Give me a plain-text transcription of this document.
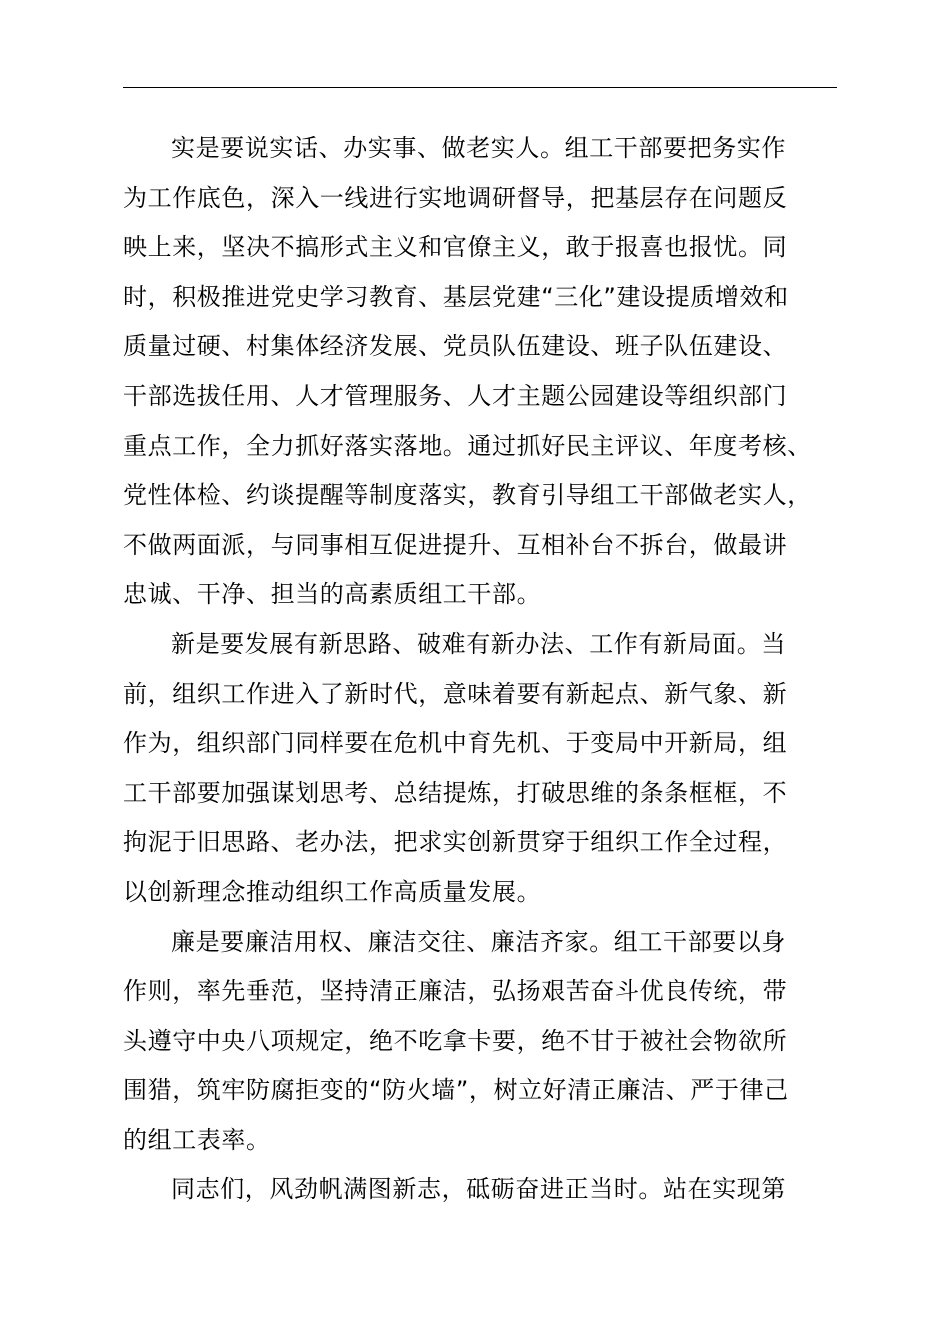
实是要说实话、办实事、做老实人。组工干部要把务实作
为工作底色，深入一线进行实地调研督导，把基层存在问题反
映上来，坚决不搞形式主义和官僚主义，敢于报喜也报忧。同
时，积极推进党史学习教育、基层党建“三化”建设提质增效和
质量过硬、村集体经济发展、党员队伍建设、班子队伍建设、
干部选拔任用、人才管理服务、人才主题公园建设等组织部门
重点工作，全力抓好落实落地。通过抓好民主评议、年度考核、
党性体检、约谈提醒等制度落实，教育引导组工干部做老实人，
不做两面派，与同事相互促进提升、互相补台不拆台，做最讲
忠诚、干净、担当的高素质组工干部。
新是要发展有新思路、破难有新办法、工作有新局面。当
前，组织工作进入了新时代，意味着要有新起点、新气象、新
作为，组织部门同样要在危机中育先机、于变局中开新局，组
工干部要加强谋划思考、总结提炼，打破思维的条条框框，不
拘泥于旧思路、老办法，把求实创新贯穿于组织工作全过程，
以创新理念推动组织工作高质量发展。
廉是要廉洁用权、廉洁交往、廉洁齐家。组工干部要以身
作则，率先垂范，坚持清正廉洁，弘扬艰苦奋斗优良传统，带
头遵守中央八项规定，绝不吃拿卡要，绝不甘于被社会物欲所
围猎，筑牢防腐拒变的“防火墙”，树立好清正廉洁、严于律己
的组工表率。
同志们，风劲帆满图新志，砥砺奋进正当时。站在实现第
